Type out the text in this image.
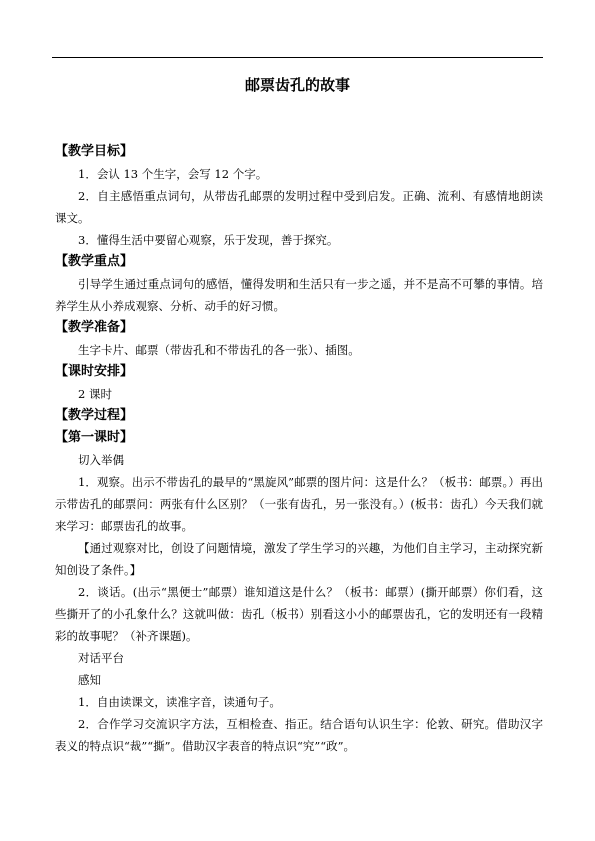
邮票齿孔的故事
【教学目标】
1．会认 13 个生字，会写 12 个字。
2．自主感悟重点词句，从带齿孔邮票的发明过程中受到启发。正确、流利、有感情地朗读课文。
3．懂得生活中要留心观察，乐于发现，善于探究。
【教学重点】
引导学生通过重点词句的感悟，懂得发明和生活只有一步之遥，并不是高不可攀的事情。培养学生从小养成观察、分析、动手的好习惯。
【教学准备】
生字卡片、邮票（带齿孔和不带齿孔的各一张）、插图。
【课时安排】
2 课时
【教学过程】
【第一课时】
切入举偶
1．观察。出示不带齿孔的最早的“黑旋风”邮票的图片问：这是什么？（板书：邮票。）再出示带齿孔的邮票问：两张有什么区别？（一张有齿孔，另一张没有。）(板书：齿孔）今天我们就来学习：邮票齿孔的故事。
【通过观察对比，创设了问题情境，激发了学生学习的兴趣，为他们自主学习，主动探究新知创设了条件。】
2．谈话。(出示“黑便士”邮票）谁知道这是什么？（板书：邮票）(撕开邮票）你们看，这些撕开了的小孔象什么？这就叫做：齿孔（板书）别看这小小的邮票齿孔，它的发明还有一段精彩的故事呢？（补齐课题)。
对话平台
感知
1．自由读课文，读准字音，读通句子。
2．合作学习交流识字方法，互相检查、指正。结合语句认识生字：伦敦、研究。借助汉字表义的特点识“裁”“撕”。借助汉字表音的特点识“究”“政”。
